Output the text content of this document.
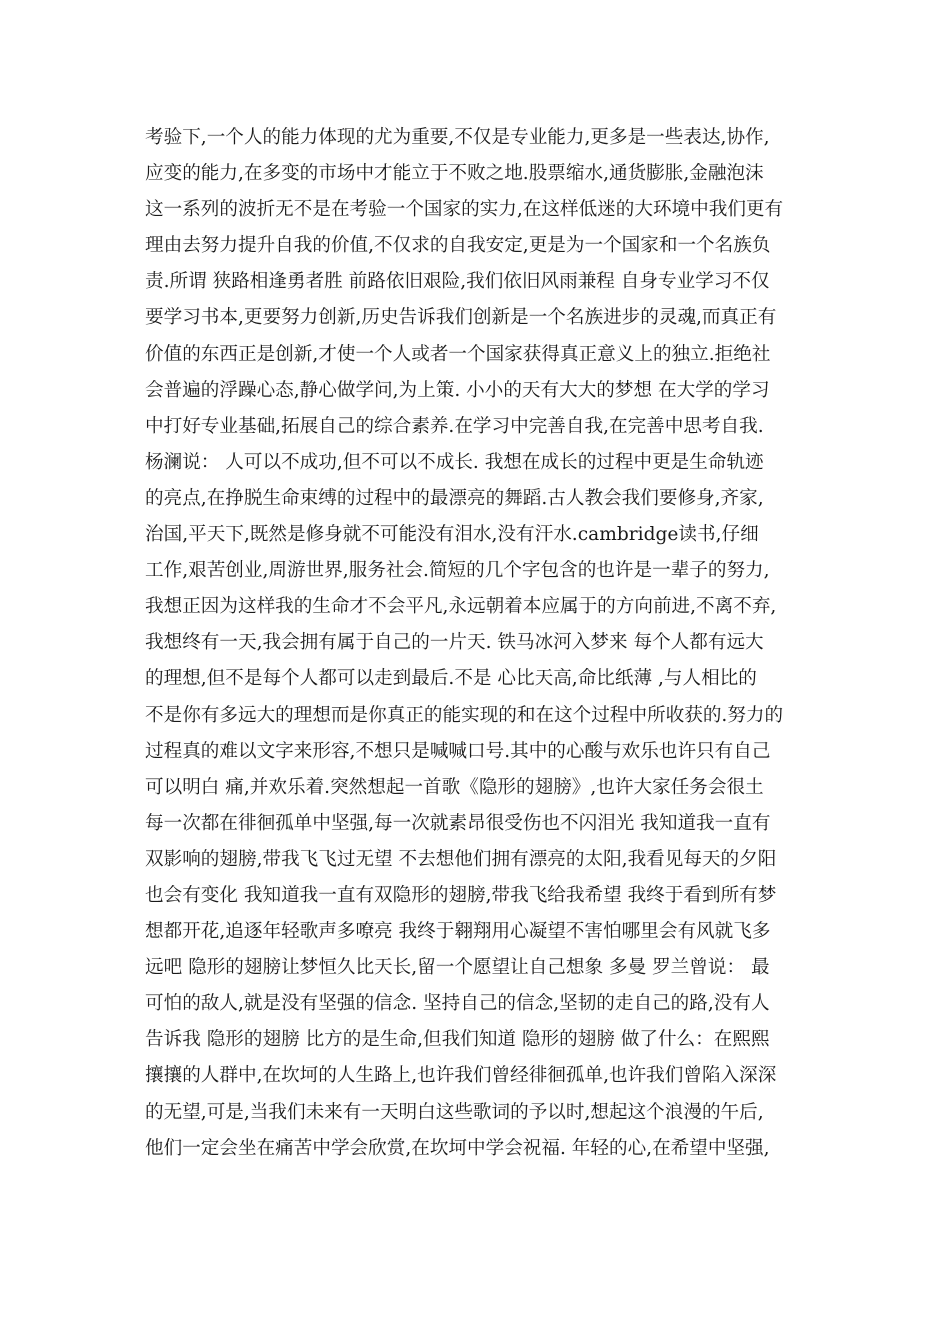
考验下,一个人的能力体现的尤为重要,不仅是专业能力,更多是一些表达,协作,
应变的能力,在多变的市场中才能立于不败之地.股票缩水,通货膨胀,金融泡沫
这一系列的波折无不是在考验一个国家的实力,在这样低迷的大环境中我们更有
理由去努力提升自我的价值,不仅求的自我安定,更是为一个国家和一个名族负
责.所谓 狭路相逢勇者胜 前路依旧艰险,我们依旧风雨兼程 自身专业学习不仅
要学习书本,更要努力创新,历史告诉我们创新是一个名族进步的灵魂,而真正有
价值的东西正是创新,才使一个人或者一个国家获得真正意义上的独立.拒绝社
会普遍的浮躁心态,静心做学问,为上策. 小小的天有大大的梦想 在大学的学习
中打好专业基础,拓展自己的综合素养.在学习中完善自我,在完善中思考自我.
杨澜说： 人可以不成功,但不可以不成长. 我想在成长的过程中更是生命轨迹
的亮点,在挣脱生命束缚的过程中的最漂亮的舞蹈.古人教会我们要修身,齐家,
治国,平天下,既然是修身就不可能没有泪水,没有汗水.cambridge读书,仔细
工作,艰苦创业,周游世界,服务社会.简短的几个字包含的也许是一辈子的努力,
我想正因为这样我的生命才不会平凡,永远朝着本应属于的方向前进,不离不弃,
我想终有一天,我会拥有属于自己的一片天. 铁马冰河入梦来 每个人都有远大
的理想,但不是每个人都可以走到最后.不是 心比天高,命比纸薄 ,与人相比的
不是你有多远大的理想而是你真正的能实现的和在这个过程中所收获的.努力的
过程真的难以文字来形容,不想只是喊喊口号.其中的心酸与欢乐也许只有自己
可以明白 痛,并欢乐着.突然想起一首歌《隐形的翅膀》,也许大家任务会很土
每一次都在徘徊孤单中坚强,每一次就素昂很受伤也不闪泪光 我知道我一直有
双影响的翅膀,带我飞飞过无望 不去想他们拥有漂亮的太阳,我看见每天的夕阳
也会有变化 我知道我一直有双隐形的翅膀,带我飞给我希望 我终于看到所有梦
想都开花,追逐年轻歌声多嘹亮 我终于翱翔用心凝望不害怕哪里会有风就飞多
远吧 隐形的翅膀让梦恒久比天长,留一个愿望让自己想象 多曼 罗兰曾说： 最
可怕的敌人,就是没有坚强的信念. 坚持自己的信念,坚韧的走自己的路,没有人
告诉我 隐形的翅膀 比方的是生命,但我们知道 隐形的翅膀 做了什么：在熙熙
攘攘的人群中,在坎坷的人生路上,也许我们曾经徘徊孤单,也许我们曾陷入深深
的无望,可是,当我们未来有一天明白这些歌词的予以时,想起这个浪漫的午后,
他们一定会坐在痛苦中学会欣赏,在坎坷中学会祝福. 年轻的心,在希望中坚强,
